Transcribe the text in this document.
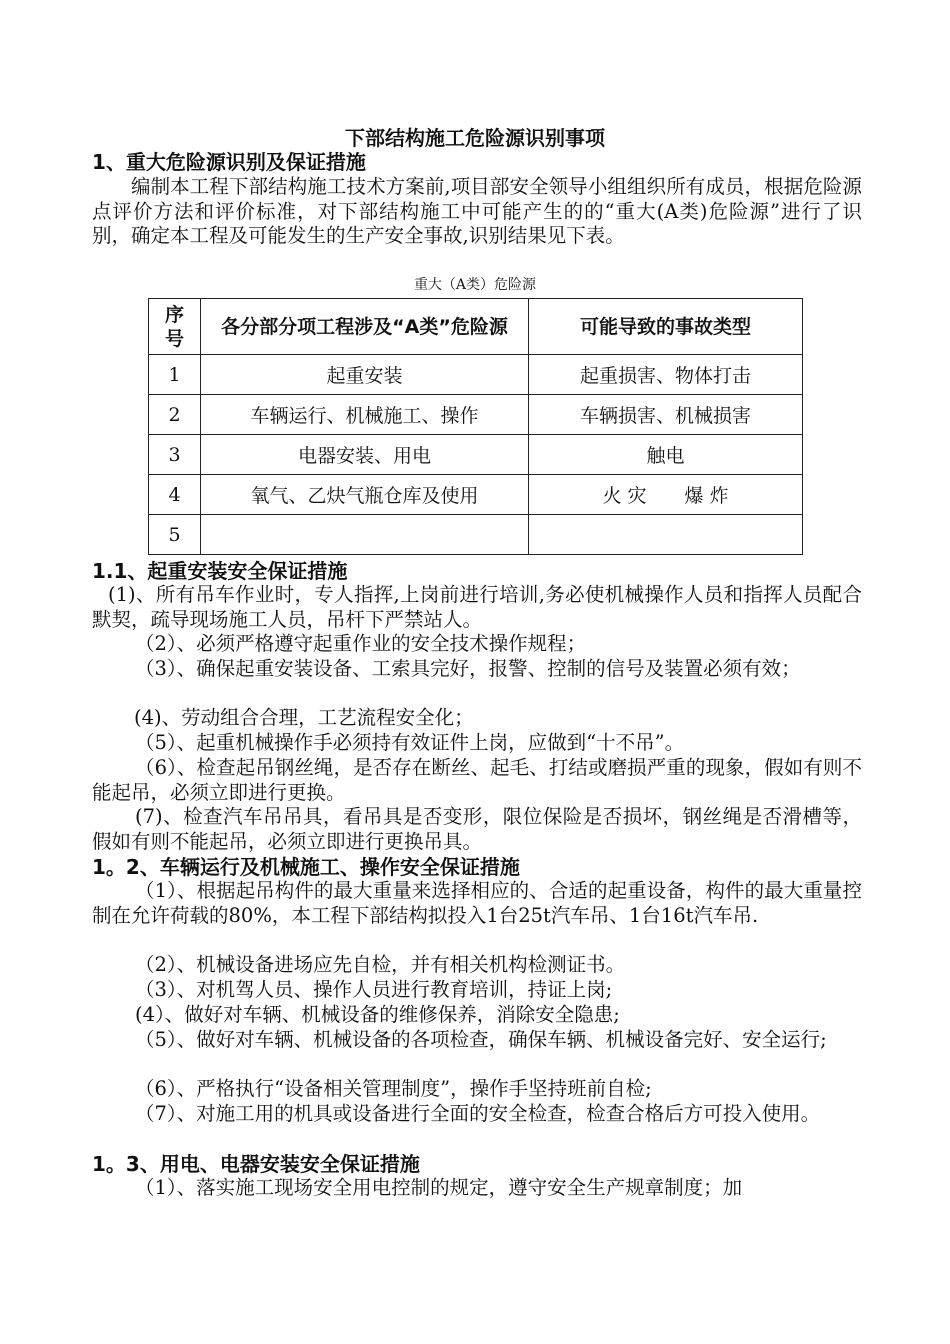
下部结构施工危险源识别事项
1、重大危险源识别及保证措施
编制本工程下部结构施工技术方案前,项目部安全领导小组组织所有成员，根据危险源点评价方法和评价标准，对下部结构施工中可能产生的的“重大(A类)危险源”进行了识别，确定本工程及可能发生的生产安全事故,识别结果见下表。
重大（A类）危险源
序号	各分部分项工程涉及“A类”危险源	可能导致的事故类型
1	起重安装	起重损害、物体打击
2	车辆运行、机械施工、操作	车辆损害、机械损害
3	电器安装、用电	触电
4	氧气、乙炔气瓶仓库及使用	火 灾　　爆 炸
5		
1.1、起重安装安全保证措施
(1)、所有吊车作业时，专人指挥,上岗前进行培训,务必使机械操作人员和指挥人员配合默契，疏导现场施工人员，吊杆下严禁站人。
（2）、必须严格遵守起重作业的安全技术操作规程；
（3）、确保起重安装设备、工索具完好，报警、控制的信号及装置必须有效；
(4)、劳动组合合理，工艺流程安全化；
（5）、起重机械操作手必须持有效证件上岗，应做到“十不吊”。
（6）、检查起吊钢丝绳，是否存在断丝、起毛、打结或磨损严重的现象，假如有则不能起吊，必须立即进行更换。
(7)、检查汽车吊吊具，看吊具是否变形，限位保险是否损坏，钢丝绳是否滑槽等，假如有则不能起吊，必须立即进行更换吊具。
1。2、车辆运行及机械施工、操作安全保证措施
（1）、根据起吊构件的最大重量来选择相应的、合适的起重设备，构件的最大重量控制在允许荷载的80%，本工程下部结构拟投入1台25t汽车吊、1台16t汽车吊.
（2）、机械设备进场应先自检，并有相关机构检测证书。
（3）、对机驾人员、操作人员进行教育培训，持证上岗;
(4）、做好对车辆、机械设备的维修保养，消除安全隐患;
（5）、做好对车辆、机械设备的各项检查，确保车辆、机械设备完好、安全运行;
（6）、严格执行“设备相关管理制度”，操作手坚持班前自检;
（7）、对施工用的机具或设备进行全面的安全检查，检查合格后方可投入使用。
1。3、用电、电器安装安全保证措施
（1）、落实施工现场安全用电控制的规定，遵守安全生产规章制度；加
